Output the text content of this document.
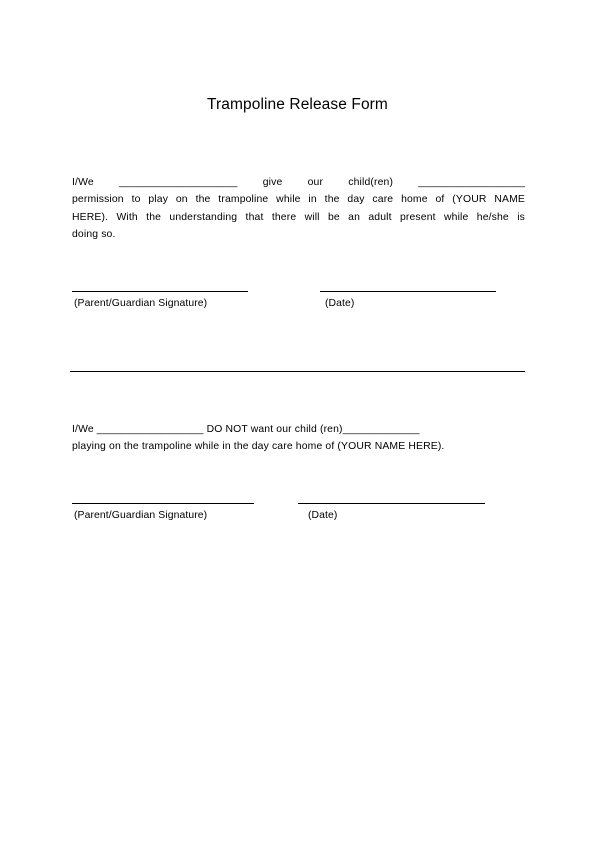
Trampoline Release Form
I/We ____________________ give our child(ren) __________________
permission to play on the trampoline while in the day care home of (YOUR NAME
HERE). With the understanding that there will be an adult present while he/she is
doing so.
(Parent/Guardian Signature)	(Date)
I/We __________________ DO NOT want our child (ren)_____________
playing on the trampoline while in the day care home of (YOUR NAME HERE).
(Parent/Guardian Signature)	(Date)
